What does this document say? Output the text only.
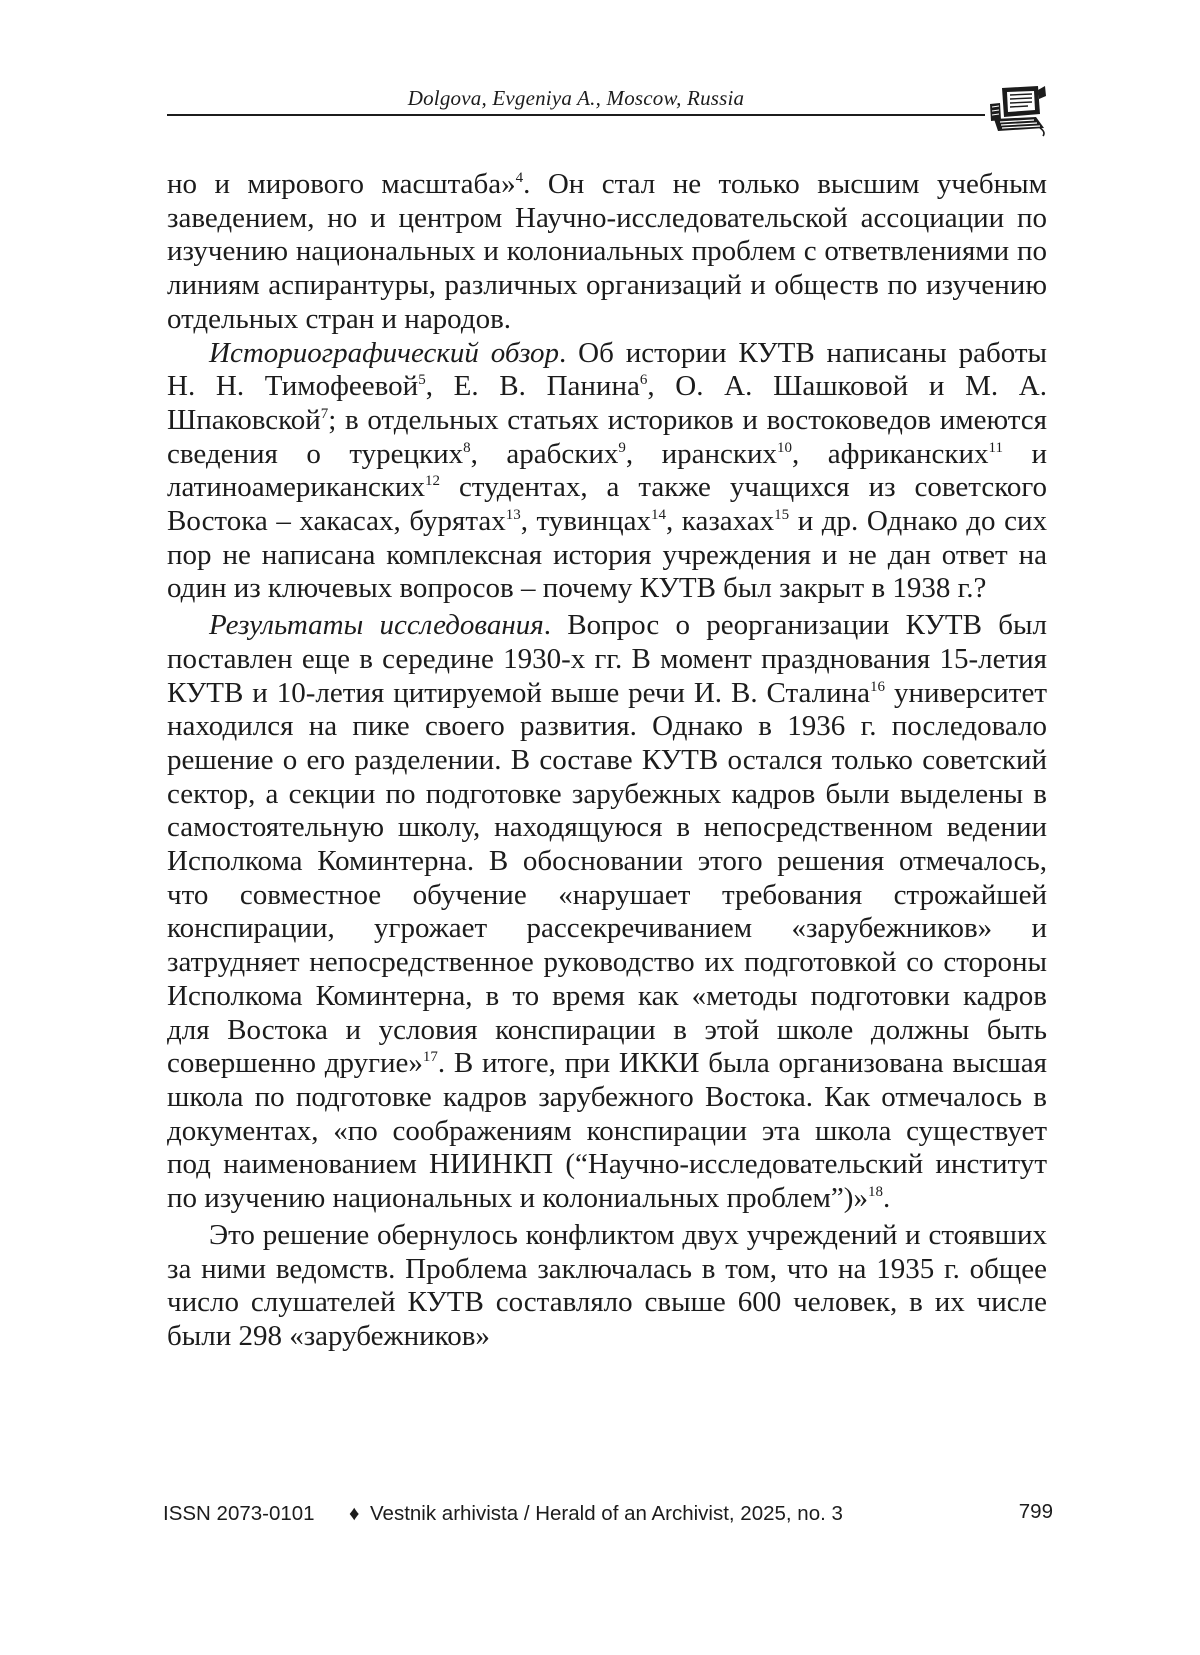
Dolgova, Evgeniya A., Moscow, Russia

но и мирового масштаба»$^4$. Он стал не только высшим учебным заведением, но и центром Научно-исследовательской ассоциации по изучению национальных и колониальных проблем с ответвлениями по линиям аспирантуры, различных организаций и обществ по изучению отдельных стран и народов.

Историографический обзор. Об истории КУТВ написаны работы Н. Н. Тимофеевой$^5$, Е. В. Панина$^6$, О. А. Шашковой и М. А. Шпаковской$^7$; в отдельных статьях историков и востоковедов имеются сведения о турецких$^8$, арабских$^9$, иранских$^{10}$, африканских$^{11}$ и латиноамериканских$^{12}$ студентах, а также учащихся из советского Востока – хакасах, бурятах$^{13}$, тувинцах$^{14}$, казахах$^{15}$ и др. Однако до сих пор не написана комплексная история учреждения и не дан ответ на один из ключевых вопросов – почему КУТВ был закрыт в 1938 г.?

Результаты исследования. Вопрос о реорганизации КУТВ был поставлен еще в середине 1930-х гг. В момент празднования 15-летия КУТВ и 10-летия цитируемой выше речи И. В. Сталина$^{16}$ университет находился на пике своего развития. Однако в 1936 г. последовало решение о его разделении. В составе КУТВ остался только советский сектор, а секции по подготовке зарубежных кадров были выделены в самостоятельную школу, находящуюся в непосредственном ведении Исполкома Коминтерна. В обосновании этого решения отмечалось, что совместное обучение «нарушает требования строжайшей конспирации, угрожает рассекречиванием «зарубежников» и затрудняет непосредственное руководство их подготовкой со стороны Исполкома Коминтерна, в то время как «методы подготовки кадров для Востока и условия конспирации в этой школе должны быть совершенно другие»$^{17}$. В итоге, при ИККИ была организована высшая школа по подготовке кадров зарубежного Востока. Как отмечалось в документах, «по соображениям конспирации эта школа существует под наименованием НИИНКП (“Научно-исследовательский институт по изучению национальных и колониальных проблем”)»$^{18}$.

Это решение обернулось конфликтом двух учреждений и стоявших за ними ведомств. Проблема заключалась в том, что на 1935 г. общее число слушателей КУТВ составляло свыше 600 человек, в их числе были 298 «зарубежников»

ISSN 2073-0101 ♦ Vestnik arhivista / Herald of an Archivist, 2025, no. 3	799
